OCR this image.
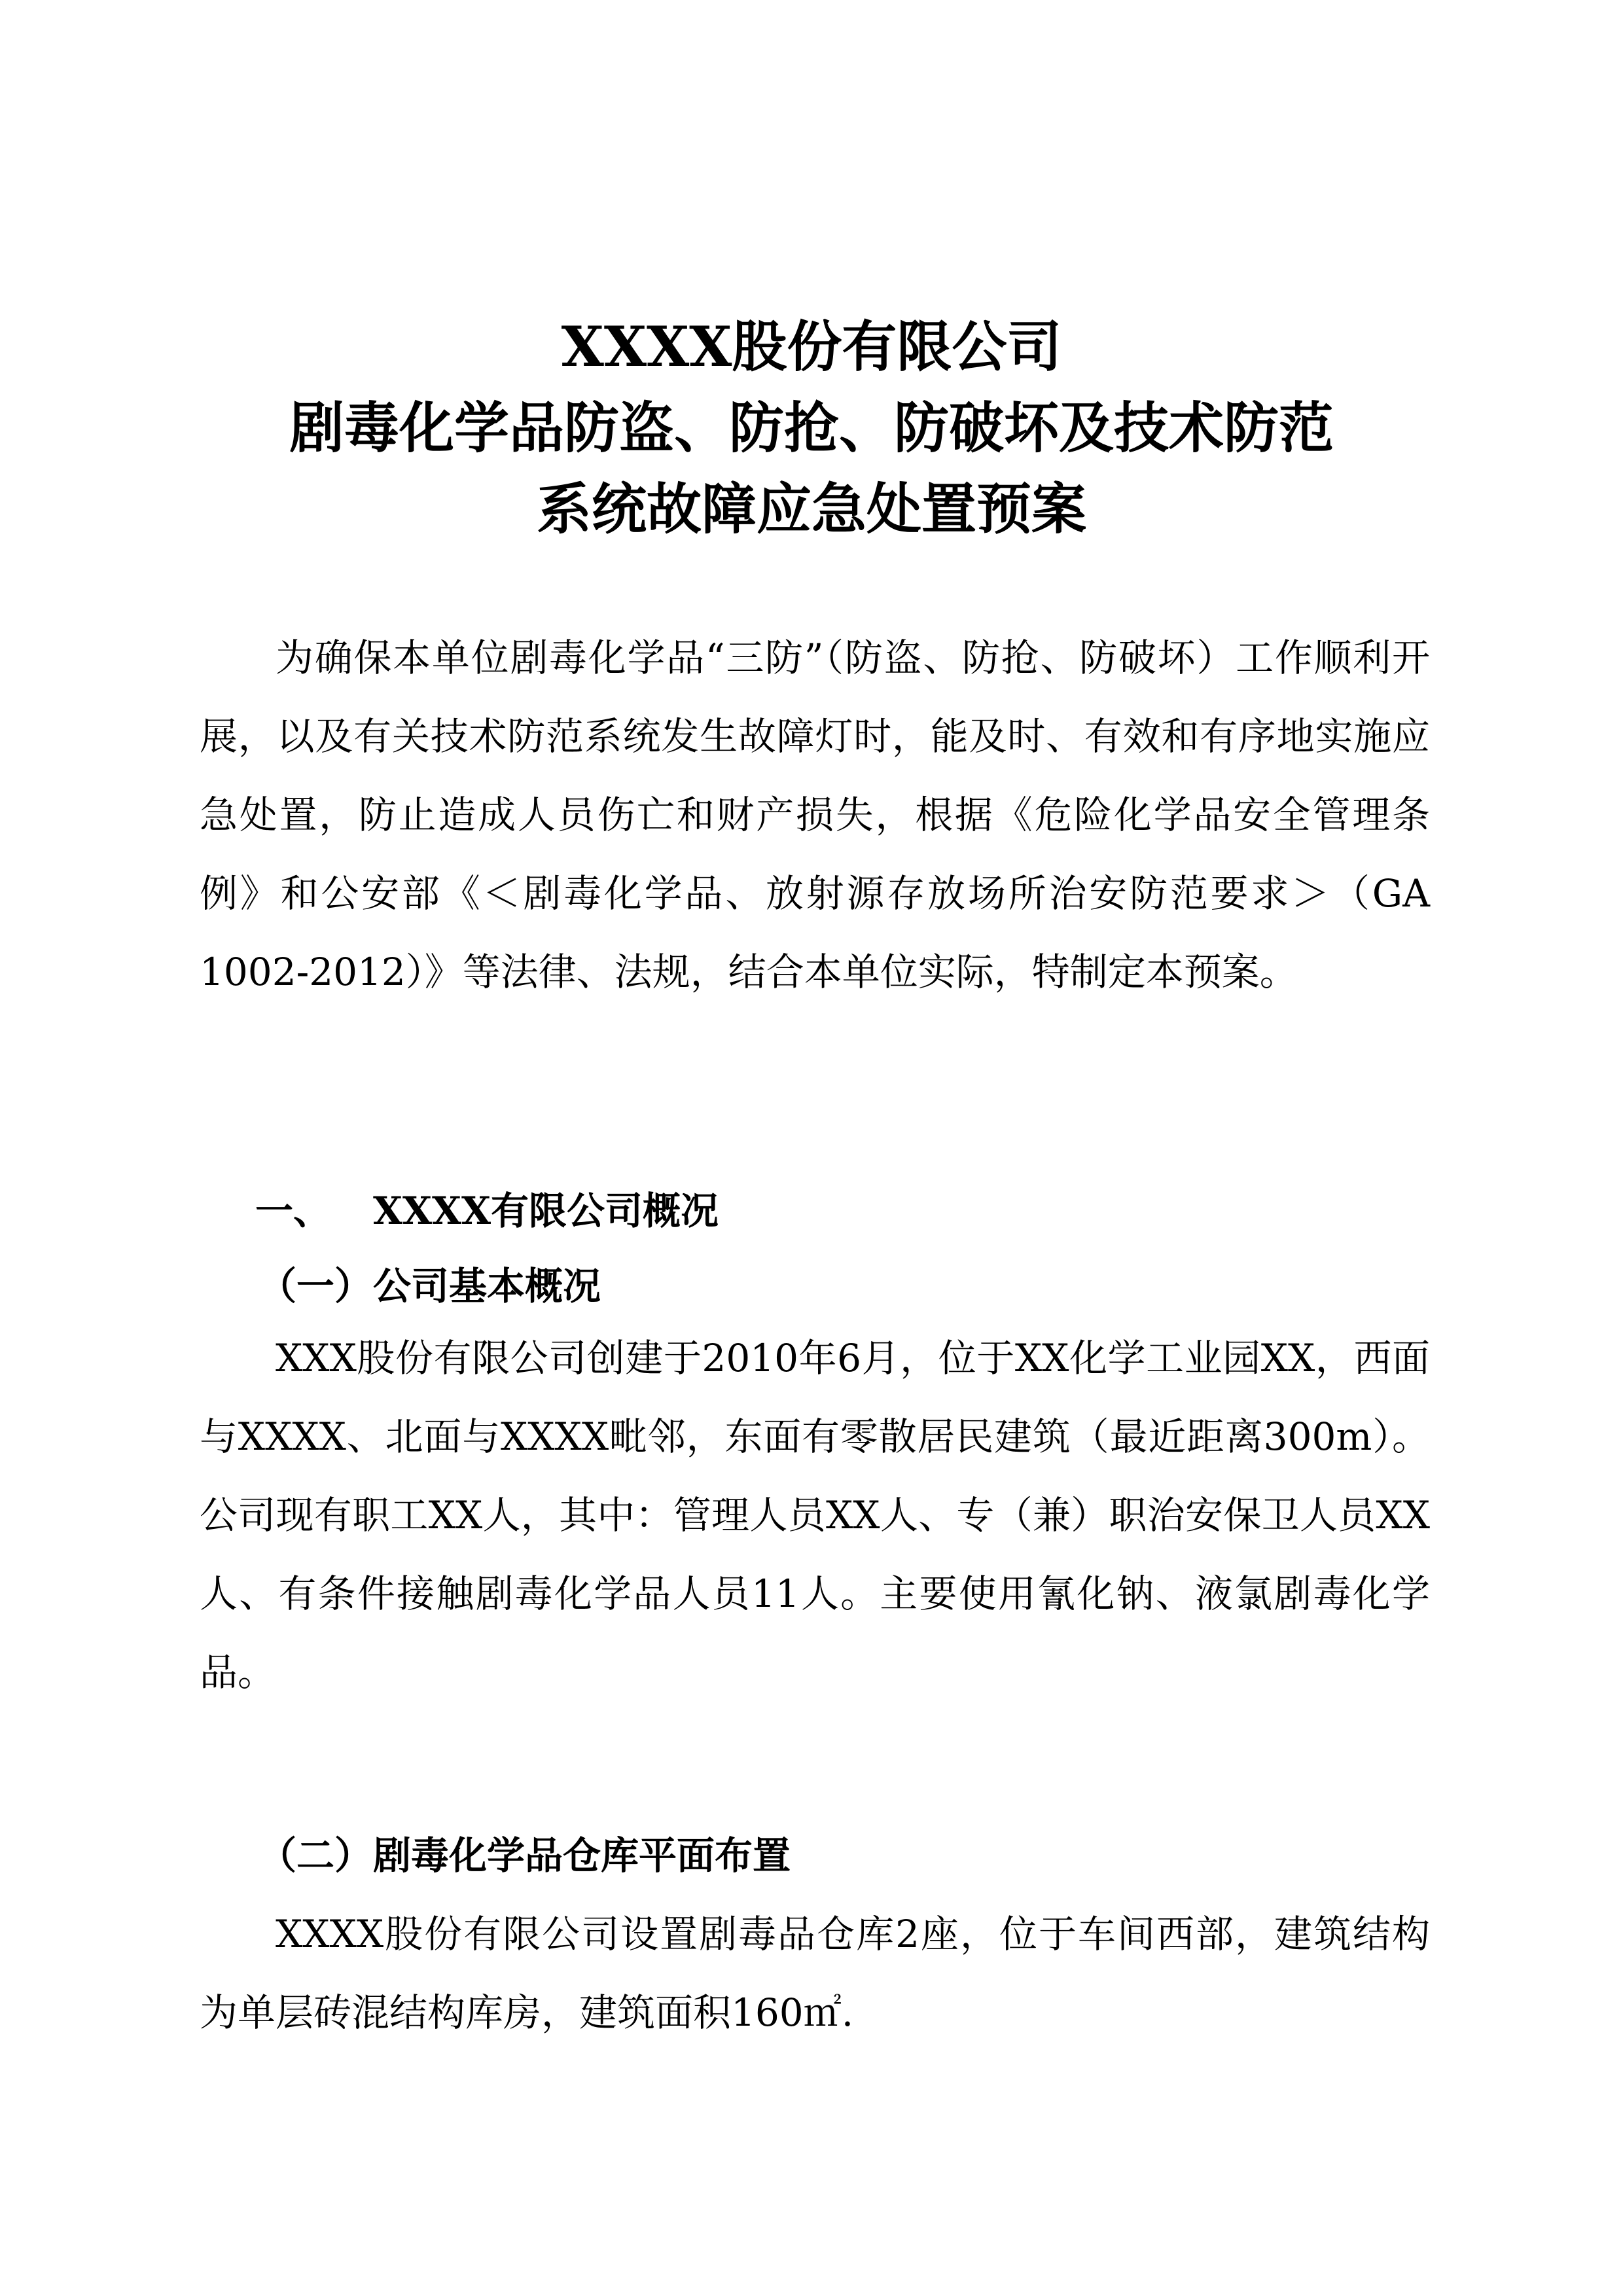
XXXX股份有限公司
剧毒化学品防盗、防抢、防破坏及技术防范
系统故障应急处置预案

为确保本单位剧毒化学品“三防”（防盗、防抢、防破坏）工作顺利开展，以及有关技术防范系统发生故障灯时，能及时、有效和有序地实施应急处置，防止造成人员伤亡和财产损失，根据《危险化学品安全管理条例》和公安部《＜剧毒化学品、放射源存放场所治安防范要求＞（GA 1002-2012）》等法律、法规，结合本单位实际，特制定本预案。

一、 XXXX有限公司概况
（一）公司基本概况

XXX股份有限公司创建于2010年6月，位于XX化学工业园XX，西面与XXXX、北面与XXXX毗邻，东面有零散居民建筑（最近距离300m）。公司现有职工XX人，其中：管理人员XX人、专（兼）职治安保卫人员XX人、有条件接触剧毒化学品人员11人。主要使用氰化钠、液氯剧毒化学品。

（二）剧毒化学品仓库平面布置

XXXX股份有限公司设置剧毒品仓库2座，位于车间西部，建筑结构为单层砖混结构库房，建筑面积160㎡.
